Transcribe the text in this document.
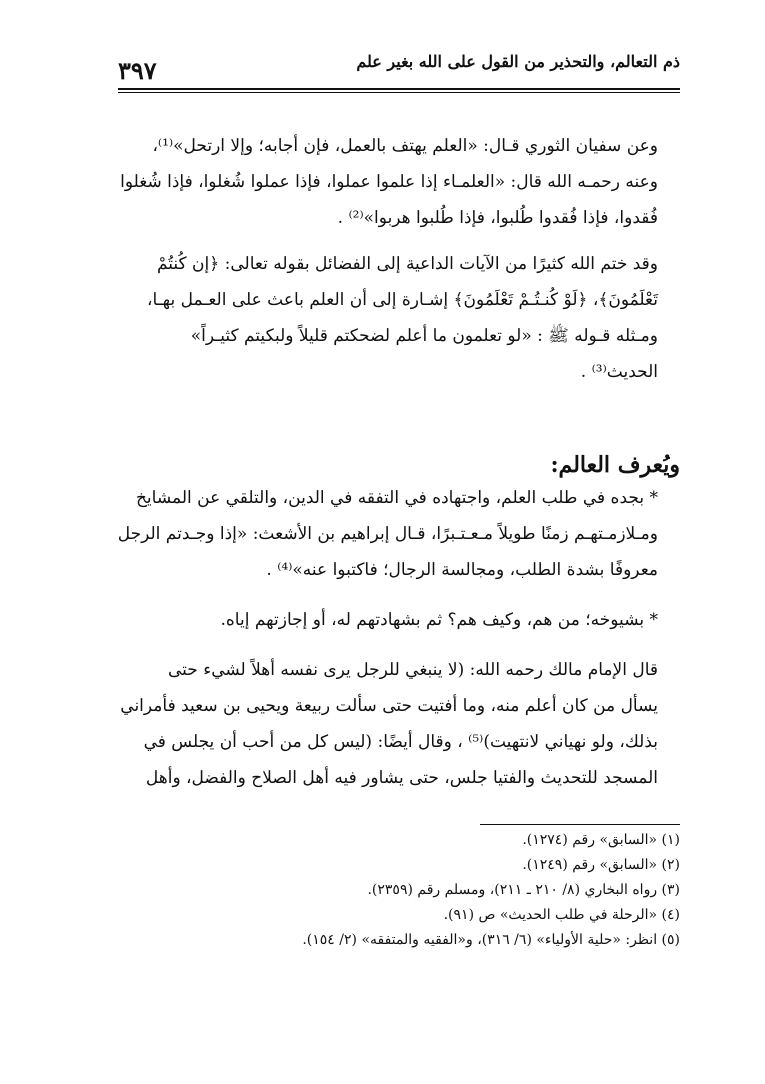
ذم التعالم، والتحذير من القول على الله بغير علم
٣٩٧

وعن سفيان الثوري قـال: «العلم يهتف بالعمل، فإن أجابه؛ وإلا ارتحل»⁽¹⁾،
وعنه رحمـه الله قال: «العلمـاء إذا علموا عملوا، فإذا عملوا شُغلوا، فإذا شُغلوا
فُقدوا، فإذا فُقدوا طُلبوا، فإذا طُلبوا هربوا»⁽²⁾ .

وقد ختم الله كثيرًا من الآيات الداعية إلى الفضائل بقوله تعالى: ﴿إن كُنتُمْ
تَعْلَمُونَ﴾، ﴿لَوْ كُنـتُـمْ تَعْلَمُونَ﴾ إشـارة إلى أن العلم باعث على العـمل بهـا،
ومـثله قـوله ﷺ : «لو تعلمون ما أعلم لضحكتم قليلاً ولبكيتم كثيـراً»
الحديث⁽³⁾ .

ويُعرف العالم:

* بجده في طلب العلم، واجتهاده في التفقه في الدين، والتلقي عن المشايخ
ومـلازمـتهـم زمنًا طويلاً مـعـتـبرًا، قـال إبراهيم بن الأشعث: «إذا وجـدتم الرجل
معروفًا بشدة الطلب، ومجالسة الرجال؛ فاكتبوا عنه»⁽⁴⁾ .

* بشيوخه؛ من هم، وكيف هم؟ ثم بشهادتهم له، أو إجازتهم إياه.

قال الإمام مالك رحمه الله: (لا ينبغي للرجل يرى نفسه أهلاً لشيء حتى
يسأل من كان أعلم منه، وما أفتيت حتى سألت ربيعة ويحيى بن سعيد فأمراني
بذلك، ولو نهياني لانتهيت)⁽⁵⁾ ، وقال أيضًا: (ليس كل من أحب أن يجلس في
المسجد للتحديث والفتيا جلس، حتى يشاور فيه أهل الصلاح والفضل، وأهل

(١) «السابق» رقم (١٢٧٤).
(٢) «السابق» رقم (١٢٤٩).
(٣) رواه البخاري (٨/ ٢١٠ ـ ٢١١)، ومسلم رقم (٢٣٥٩).
(٤) «الرحلة في طلب الحديث» ص (٩١).
(٥) انظر: «حلية الأولياء» (٦/ ٣١٦)، و«الفقيه والمتفقه» (٢/ ١٥٤).
